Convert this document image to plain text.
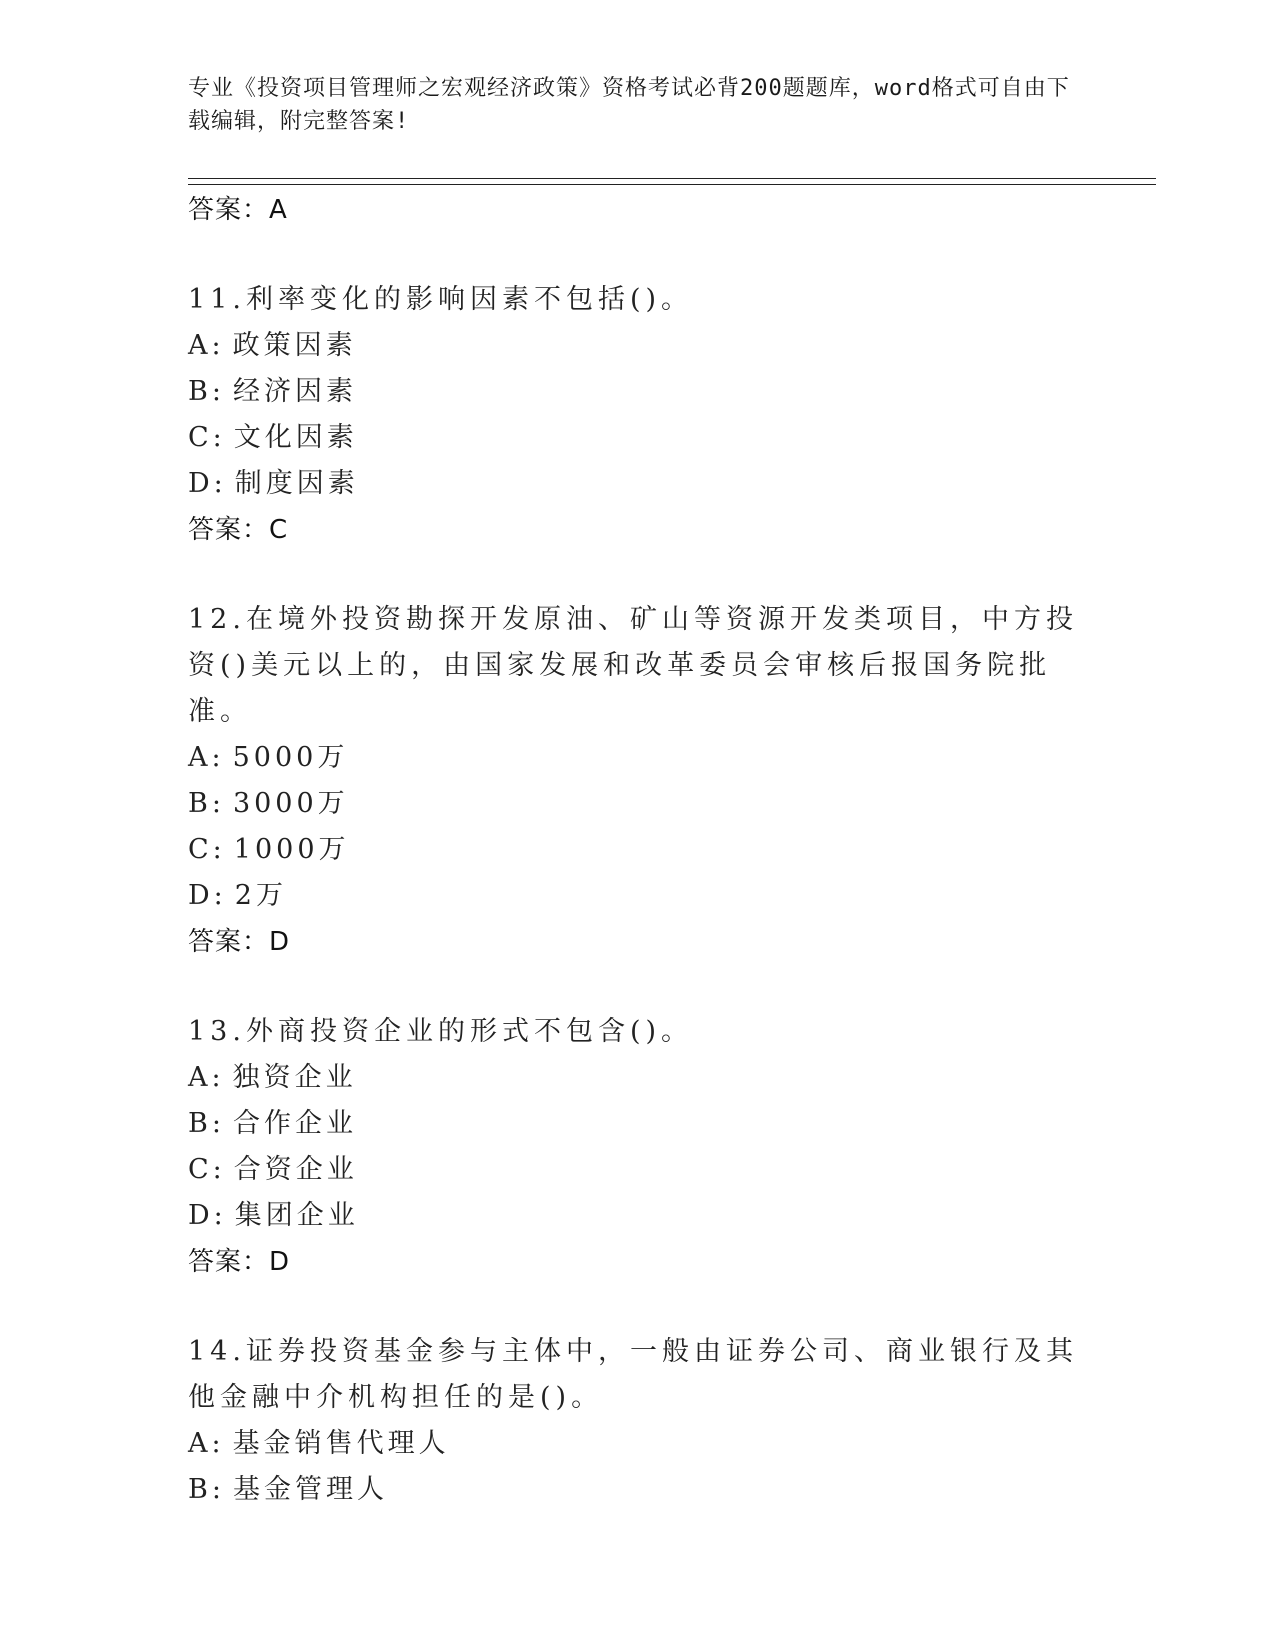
专业《投资项目管理师之宏观经济政策》资格考试必背200题题库，word格式可自由下载编辑，附完整答案!
答案：A
11.利率变化的影响因素不包括()。
A: 政策因素
B: 经济因素
C: 文化因素
D: 制度因素
答案：C
12.在境外投资勘探开发原油、矿山等资源开发类项目，中方投资()美元以上的，由国家发展和改革委员会审核后报国务院批准。
A: 5000万
B: 3000万
C: 1000万
D: 2万
答案：D
13.外商投资企业的形式不包含()。
A: 独资企业
B: 合作企业
C: 合资企业
D: 集团企业
答案：D
14.证券投资基金参与主体中，一般由证券公司、商业银行及其他金融中介机构担任的是()。
A: 基金销售代理人
B: 基金管理人
